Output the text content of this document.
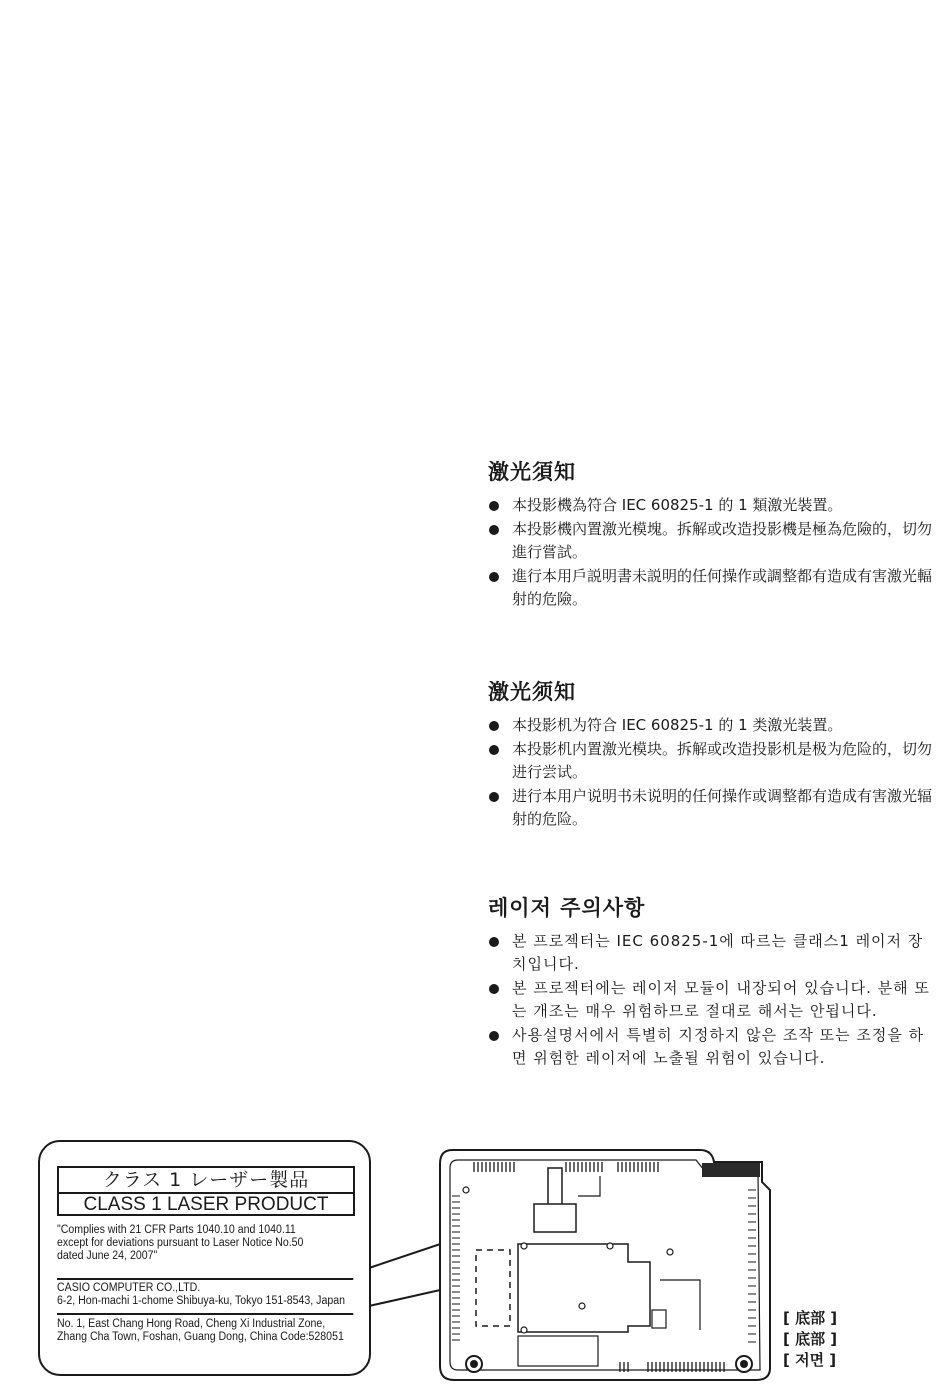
激光須知
本投影機為符合 IEC 60825-1 的 1 類激光裝置。
本投影機內置激光模塊。拆解或改造投影機是極為危險的，切勿進行嘗試。
進行本用戶説明書未説明的任何操作或調整都有造成有害激光輻射的危險。
激光须知
本投影机为符合 IEC 60825-1 的 1 类激光装置。
本投影机内置激光模块。拆解或改造投影机是极为危险的，切勿进行尝试。
进行本用户说明书未说明的任何操作或调整都有造成有害激光辐射的危险。
레이저 주의사항
본 프로젝터는 IEC 60825-1에 따르는 클래스1 레이저 장치입니다.
본 프로젝터에는 레이저 모듈이 내장되어 있습니다. 분해 또는 개조는 매우 위험하므로 절대로 해서는 안됩니다.
사용설명서에서 특별히 지정하지 않은 조작 또는 조정을 하면 위험한 레이저에 노출될 위험이 있습니다.
クラス 1 レーザー製品
CLASS 1 LASER PRODUCT
"Complies with 21 CFR Parts 1040.10 and 1040.11
except for deviations pursuant to Laser Notice No.50
dated June 24, 2007"
CASIO COMPUTER CO.,LTD.
6-2, Hon-machi 1-chome Shibuya-ku, Tokyo 151-8543, Japan
No. 1, East Chang Hong Road, Cheng Xi Industrial Zone,
Zhang Cha Town, Foshan, Guang Dong, China Code:528051
[ 底部 ]
[ 底部 ]
[ 저면 ]
